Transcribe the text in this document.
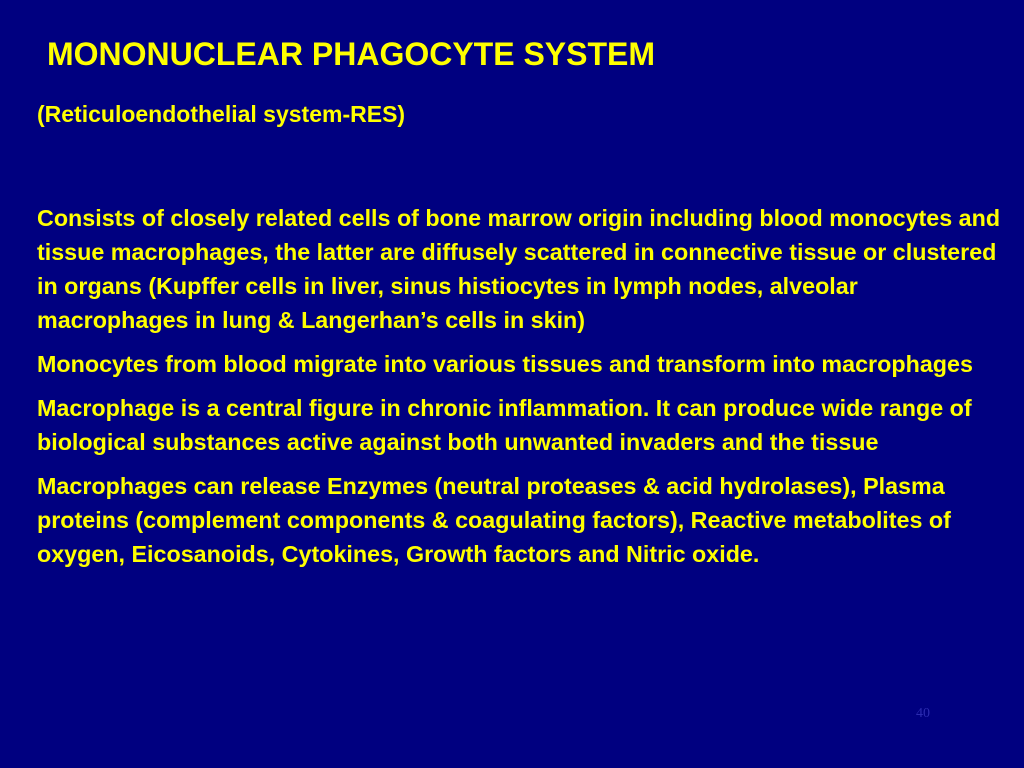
MONONUCLEAR PHAGOCYTE SYSTEM
(Reticuloendothelial system-RES)

Consists of closely related cells of bone marrow origin including blood monocytes and tissue macrophages, the latter are diffusely scattered in connective tissue or clustered in organs (Kupffer cells in liver, sinus histiocytes in lymph nodes, alveolar macrophages in lung & Langerhan’s cells in skin)

Monocytes from blood migrate into various tissues and transform into macrophages

Macrophage is a central figure in chronic inflammation. It can produce wide range of biological substances active against both unwanted invaders and the tissue

Macrophages can release Enzymes (neutral proteases & acid hydrolases), Plasma proteins (complement components & coagulating factors), Reactive metabolites of oxygen, Eicosanoids, Cytokines, Growth factors and Nitric oxide.

40
